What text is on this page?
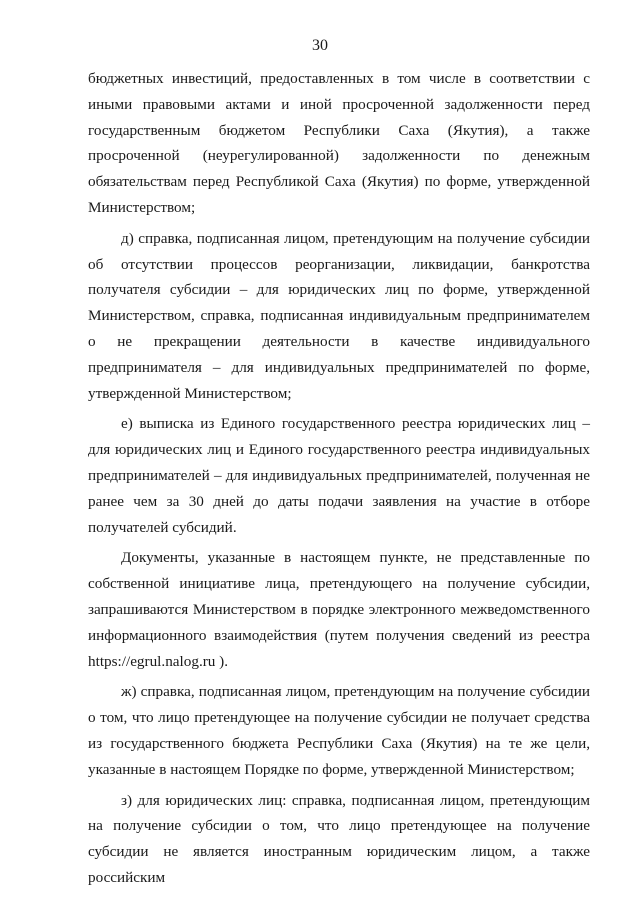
30

бюджетных инвестиций, предоставленных в том числе в соответствии с иными правовыми актами и иной просроченной задолженности перед государственным бюджетом Республики Саха (Якутия), а также просроченной (неурегулированной) задолженности по денежным обязательствам перед Республикой Саха (Якутия) по форме, утвержденной Министерством;

д) справка, подписанная лицом, претендующим на получение субсидии об отсутствии процессов реорганизации, ликвидации, банкротства получателя субсидии – для юридических лиц по форме, утвержденной Министерством, справка, подписанная индивидуальным предпринимателем о не прекращении деятельности в качестве индивидуального предпринимателя – для индивидуальных предпринимателей по форме, утвержденной Министерством;

е) выписка из Единого государственного реестра юридических лиц – для юридических лиц и Единого государственного реестра индивидуальных предпринимателей – для индивидуальных предпринимателей, полученная не ранее чем за 30 дней до даты подачи заявления на участие в отборе получателей субсидий.

Документы, указанные в настоящем пункте, не представленные по собственной инициативе лица, претендующего на получение субсидии, запрашиваются Министерством в порядке электронного межведомственного информационного взаимодействия (путем получения сведений из реестра https://egrul.nalog.ru ).

ж) справка, подписанная лицом, претендующим на получение субсидии о том, что лицо претендующее на получение субсидии не получает средства из государственного бюджета Республики Саха (Якутия) на те же цели, указанные в настоящем Порядке по форме, утвержденной Министерством;

з) для юридических лиц: справка, подписанная лицом, претендующим на получение субсидии о том, что лицо претендующее на получение субсидии не является иностранным юридическим лицом, а также российским
